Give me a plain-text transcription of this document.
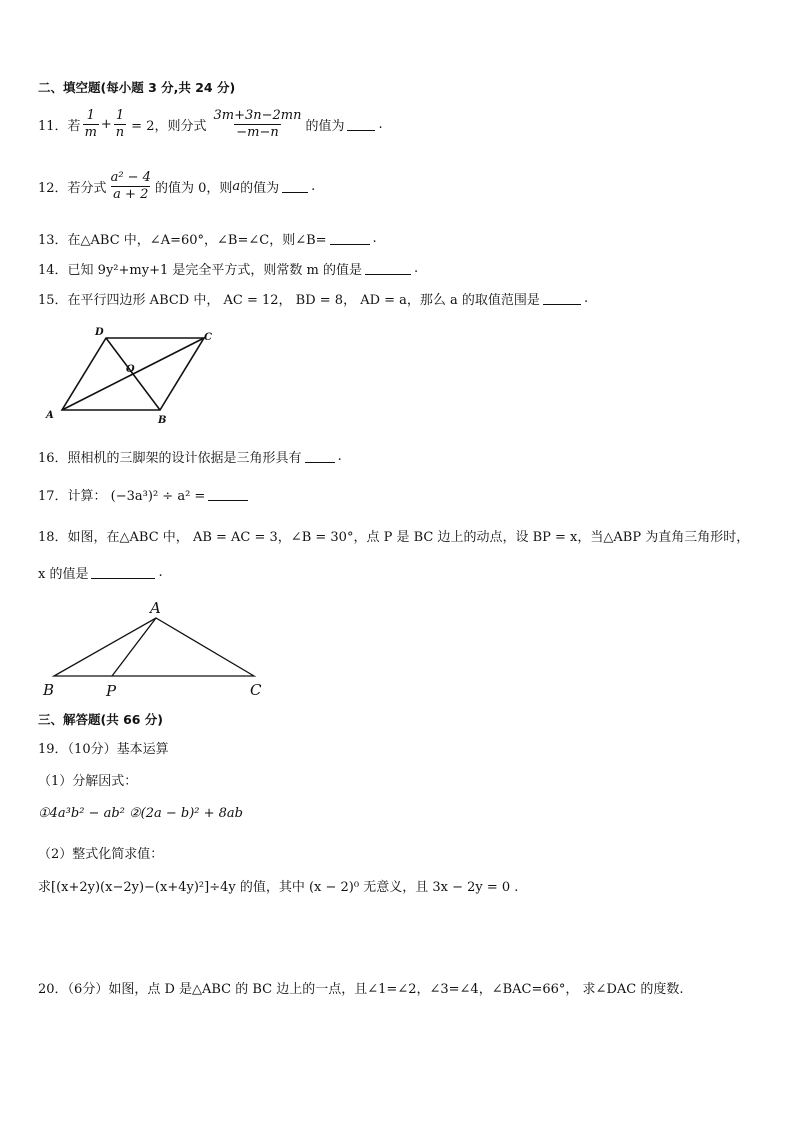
二、填空题(每小题 3 分,共 24 分)
11． 若 $\frac{1}{m} + \frac{1}{n} = 2$，则分式 $\frac{3m+3n-2mn}{-m-n}$ 的值为	.
12． 若分式 $\frac{\text{a² − 4}}{a + 2}$ 的值为 0，则 a 的值为 .
13． 在△ABC 中，∠A=60°，∠B=∠C，则∠B=	.
14． 已知 9y²+my+1 是完全平方式，则常数 m 的值是	.
15． 在平行四边形 ABCD 中， AC = 12， BD = 8， AD = a，那么 a 的取值范围是	.
A	B
C
D
O
16． 照相机的三脚架的设计依据是三角形具有	.
17． 计算： (−3a³)² ÷ a² =
18． 如图，在△ABC 中， AB = AC = 3，∠B = 30°，点 P 是 BC 边上的动点，设 BP = x，当△ABP 为直角三角形时，
x 的值是	.
A
B	P	C
三、解答题(共 66 分)
19．（10分）基本运算
（1）分解因式：
①4a³b² − ab² ②(2a − b)² + 8ab
（2）整式化简求值：
求[(x+2y)(x−2y)−(x+4y)²]÷4y 的值，其中 (x − 2)⁰ 无意义，且 3x − 2y = 0 .
20．（6分）如图，点 D 是△ABC 的 BC 边上的一点，且∠1=∠2，∠3=∠4，∠BAC=66°， 求∠DAC 的度数.
